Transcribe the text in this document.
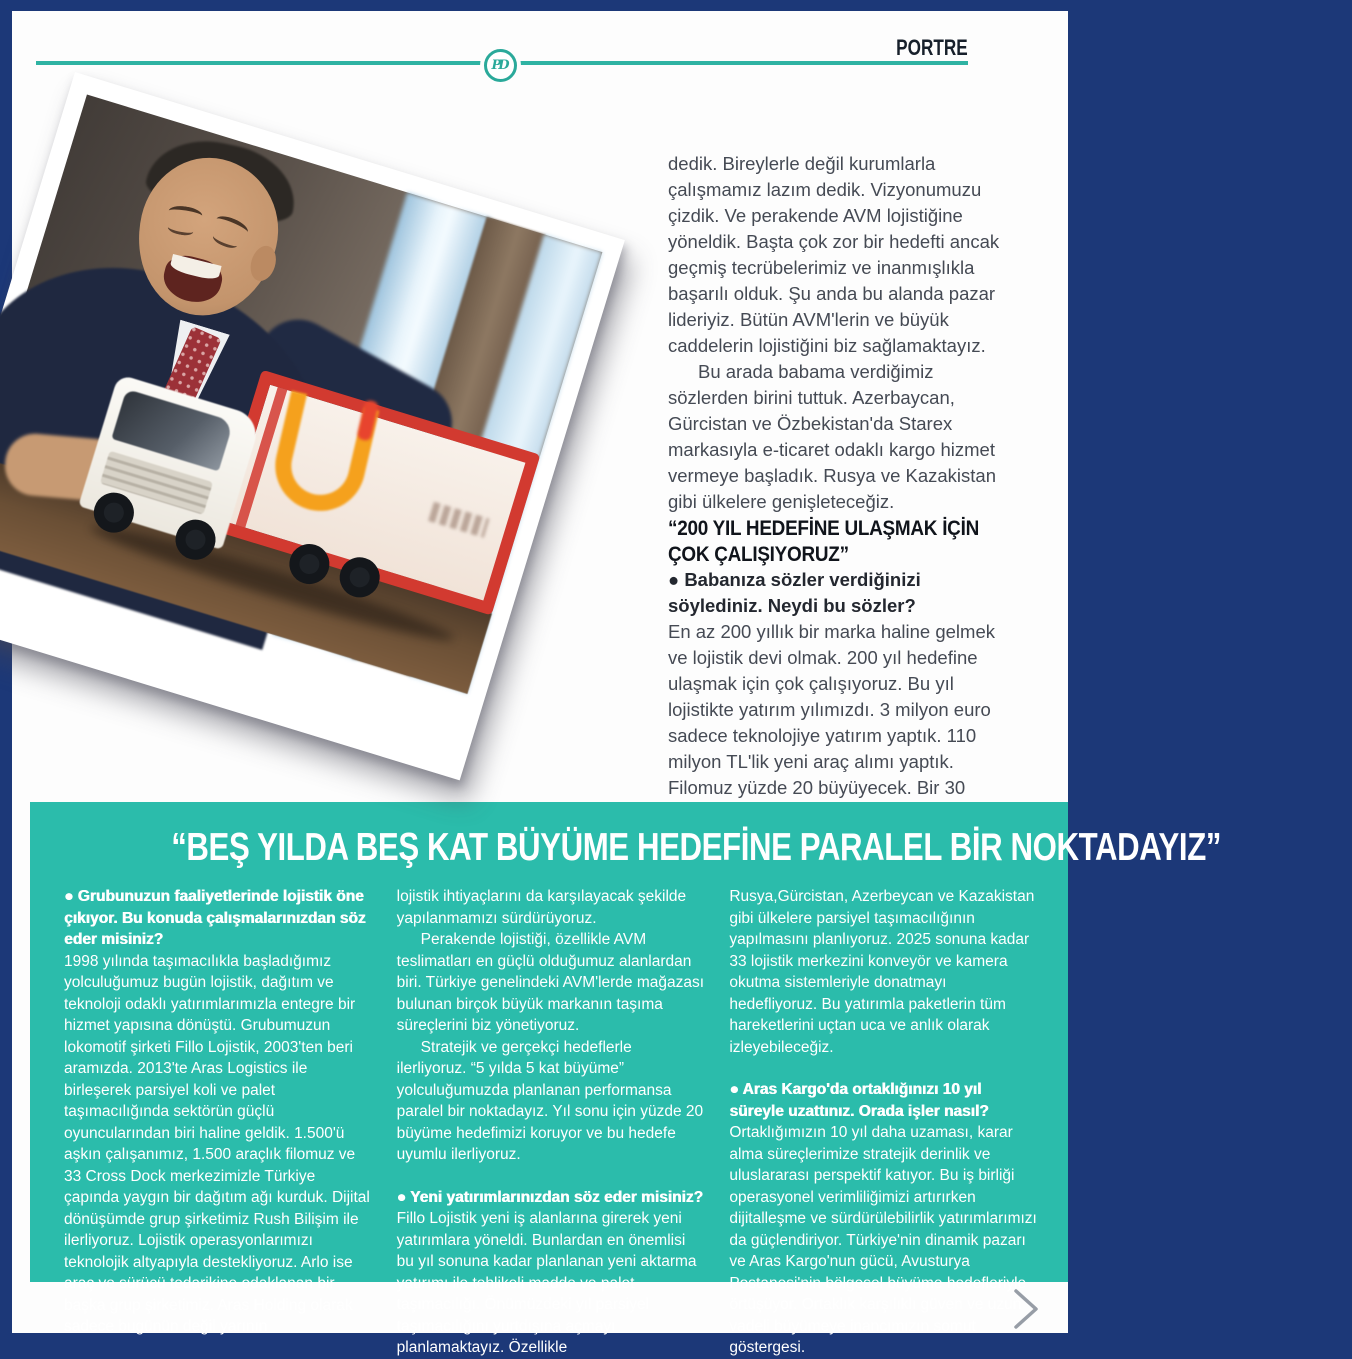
PD
PORTRE

dedik. Bireylerle değil kurumlarla çalışmamız lazım dedik. Vizyonumuzu çizdik. Ve perakende AVM lojistiğine yöneldik. Başta çok zor bir hedefti ancak geçmiş tecrübelerimiz ve inanmışlıkla başarılı olduk. Şu anda bu alanda pazar lideriyiz. Bütün AVM'lerin ve büyük caddelerin lojistiğini biz sağlamaktayız.

Bu arada babama verdiğimiz sözlerden birini tuttuk. Azerbaycan, Gürcistan ve Özbekistan'da Starex markasıyla e-ticaret odaklı kargo hizmet vermeye başladık. Rusya ve Kazakistan gibi ülkelere genişleteceğiz.

“200 YIL HEDEFİNE ULAŞMAK İÇİN ÇOK ÇALIŞIYORUZ”

● Babanıza sözler verdiğinizi söylediniz. Neydi bu sözler?

En az 200 yıllık bir marka haline gelmek ve lojistik devi olmak. 200 yıl hedefine ulaşmak için çok çalışıyoruz. Bu yıl lojistikte yatırım yılımızdı. 3 milyon euro sadece teknolojiye yatırım yaptık. 110 milyon TL'lik yeni araç alımı yaptık. Filomuz yüzde 20 büyüyecek. Bir 30

“BEŞ YILDA BEŞ KAT BÜYÜME HEDEFİNE PARALEL BİR NOKTADAYIZ”

● Grubunuzun faaliyetlerinde lojistik öne çıkıyor. Bu konuda çalışmalarınızdan söz eder misiniz?

1998 yılında taşımacılıkla başladığımız yolculuğumuz bugün lojistik, dağıtım ve teknoloji odaklı yatırımlarımızla entegre bir hizmet yapısına dönüştü. Grubumuzun lokomotif şirketi Fillo Lojistik, 2003'ten beri aramızda. 2013'te Aras Logistics ile birleşerek parsiyel koli ve palet taşımacılığında sektörün güçlü oyuncularından biri haline geldik. 1.500'ü aşkın çalışanımız, 1.500 araçlık filomuz ve 33 Cross Dock merkezimizle Türkiye çapında yaygın bir dağıtım ağı kurduk. Dijital dönüşümde grup şirketimiz Rush Bilişim ile ilerliyoruz. Lojistik operasyonlarımızı teknolojik altyapıyla destekliyoruz. Arlo ise araç ve sürücü tedarikine odaklanan bir başka grup şirketimiz. Aras Holding olarak sadece bugünün değil yarının

lojistik ihtiyaçlarını da karşılayacak şekilde yapılanmamızı sürdürüyoruz.

Perakende lojistiği, özellikle AVM teslimatları en güçlü olduğumuz alanlardan biri. Türkiye genelindeki AVM'lerde mağazası bulunan birçok büyük markanın taşıma süreçlerini biz yönetiyoruz.

Stratejik ve gerçekçi hedeflerle ilerliyoruz. “5 yılda 5 kat büyüme” yolculuğumuzda planlanan performansa paralel bir noktadayız. Yıl sonu için yüzde 20 büyüme hedefimizi koruyor ve bu hedefe uyumlu ilerliyoruz.

● Yeni yatırımlarınızdan söz eder misiniz?

Fillo Lojistik yeni iş alanlarına girerek yeni yatırımlara yöneldi. Bunlardan en önemlisi bu yıl sonuna kadar planlanan yeni aktarma yatırımı ile tehlikeli madde ve palet taşımacılığı. Önümüzdeki yıl parsiyel taşımacılığını yurtdışına açmayı planlamaktayız. Özellikle

Rusya,Gürcistan, Azerbeycan ve Kazakistan gibi ülkelere parsiyel taşımacılığının yapılmasını planlıyoruz. 2025 sonuna kadar 33 lojistik merkezini konveyör ve kamera okutma sistemleriyle donatmayı hedefliyoruz. Bu yatırımla paketlerin tüm hareketlerini uçtan uca ve anlık olarak izleyebileceğiz.

● Aras Kargo'da ortaklığınızı 10 yıl süreyle uzattınız. Orada işler nasıl?

Ortaklığımızın 10 yıl daha uzaması, karar alma süreçlerimize stratejik derinlik ve uluslararası perspektif katıyor. Bu iş birliği operasyonel verimliliğimizi artırırken dijitalleşme ve sürdürülebilirlik yatırımlarımızı da güçlendiriyor. Türkiye'nin dinamik pazarı ve Aras Kargo'nun gücü, Avusturya Postanesi'nin bölgesel büyüme hedefleriyle örtüşüyor. Ortaklık karşılıklı güven ve uzun vadeli büyümeye inancımızın somut göstergesi.
